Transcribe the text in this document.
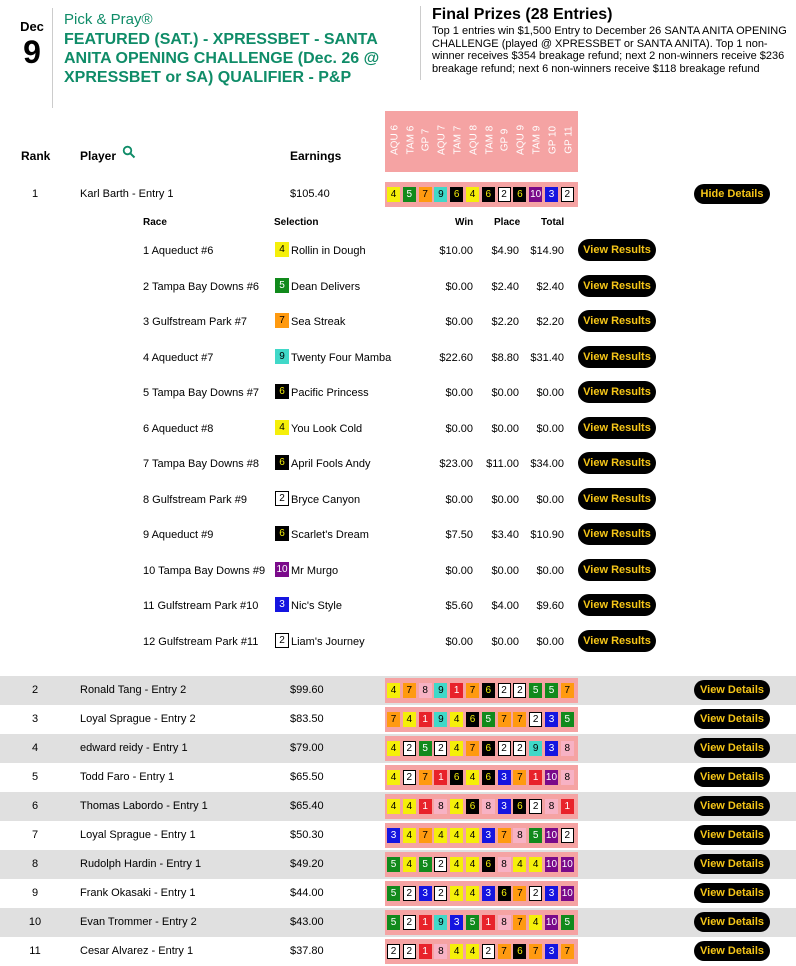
Dec
9
Pick & Pray®
FEATURED (SAT.) - XPRESSBET - SANTA ANITA OPENING CHALLENGE (Dec. 26 @ XPRESSBET or SA) QUALIFIER - P&P
Final Prizes (28 Entries)
Top 1 entries win $1,500 Entry to December 26 SANTA ANITA OPENING CHALLENGE (played @ XPRESSBET or SANTA ANITA). Top 1 non-winner receives $354 breakage refund; next 2 non-winners receive $236 breakage refund; next 6 non-winners receive $118 breakage refund
Rank Player	Earnings
AQU 6 TAM 6 GP 7 AQU 7 TAM 7 AQU 8 TAM 8 GP 9 AQU 9 TAM 9 GP 10 GP 11
1	Karl Barth - Entry 1	$105.40	4	5	7	9	6	4	6	2	6 10 3	2	Hide Details
Race	Selection	Win Place Total
1 Aqueduct #6	4 Rollin in Dough	$10.00	$4.90	$14.90	View Results
2 Tampa Bay Downs #6	5 Dean Delivers	$0.00	$2.40	$2.40	View Results
3 Gulfstream Park #7	7 Sea Streak	$0.00	$2.20	$2.20	View Results
4 Aqueduct #7	9 Twenty Four Mamba	$22.60	$8.80	$31.40	View Results
5 Tampa Bay Downs #7	6 Pacific Princess	$0.00	$0.00	$0.00	View Results
6 Aqueduct #8	4 You Look Cold	$0.00	$0.00	$0.00	View Results
7 Tampa Bay Downs #8	6 April Fools Andy	$23.00	$11.00	$34.00	View Results
8 Gulfstream Park #9	2 Bryce Canyon	$0.00	$0.00	$0.00	View Results
9 Aqueduct #9	6 Scarlet's Dream	$7.50	$3.40	$10.90	View Results
10 Tampa Bay Downs #9 10 Mr Murgo	$0.00	$0.00	$0.00	View Results
11 Gulfstream Park #10	3 Nic's Style	$5.60	$4.00	$9.60	View Results
12 Gulfstream Park #11	2 Liam's Journey	$0.00	$0.00	$0.00	View Results
2	Ronald Tang - Entry 2	$99.60	4	7	8	9	1	7	6	2	2	5	5	7	View Details
3	Loyal Sprague - Entry 2	$83.50	7	4	1	9	4	6	5	7	7	2	3	5	View Details
4	edward reidy - Entry 1	$79.00	4	2	5	2	4	7	6	2	2	9	3	8	View Details
5	Todd Faro - Entry 1	$65.50	4	2	7	1	6	4	6	3	7	1 10 8	View Details
6	Thomas Labordo - Entry 1	$65.40	4	4	1	8	4	6	8	3	6	2	8	1	View Details
7	Loyal Sprague - Entry 1	$50.30	3	4	7	4	4	4	3	7	8	5 10 2	View Details
8	Rudolph Hardin - Entry 1	$49.20	5	4	5	2	4	4	6	8	4	4 10 10	View Details
9	Frank Okasaki - Entry 1	$44.00	5	2	3	2	4	4	3	6	7	2	3 10	View Details
10	Evan Trommer - Entry 2	$43.00	5	2	1	9	3	5	1	8	7	4 10 5	View Details
11	Cesar Alvarez - Entry 1	$37.80	2	2	1	8	4	4	2	7	6	7	3	7	View Details
